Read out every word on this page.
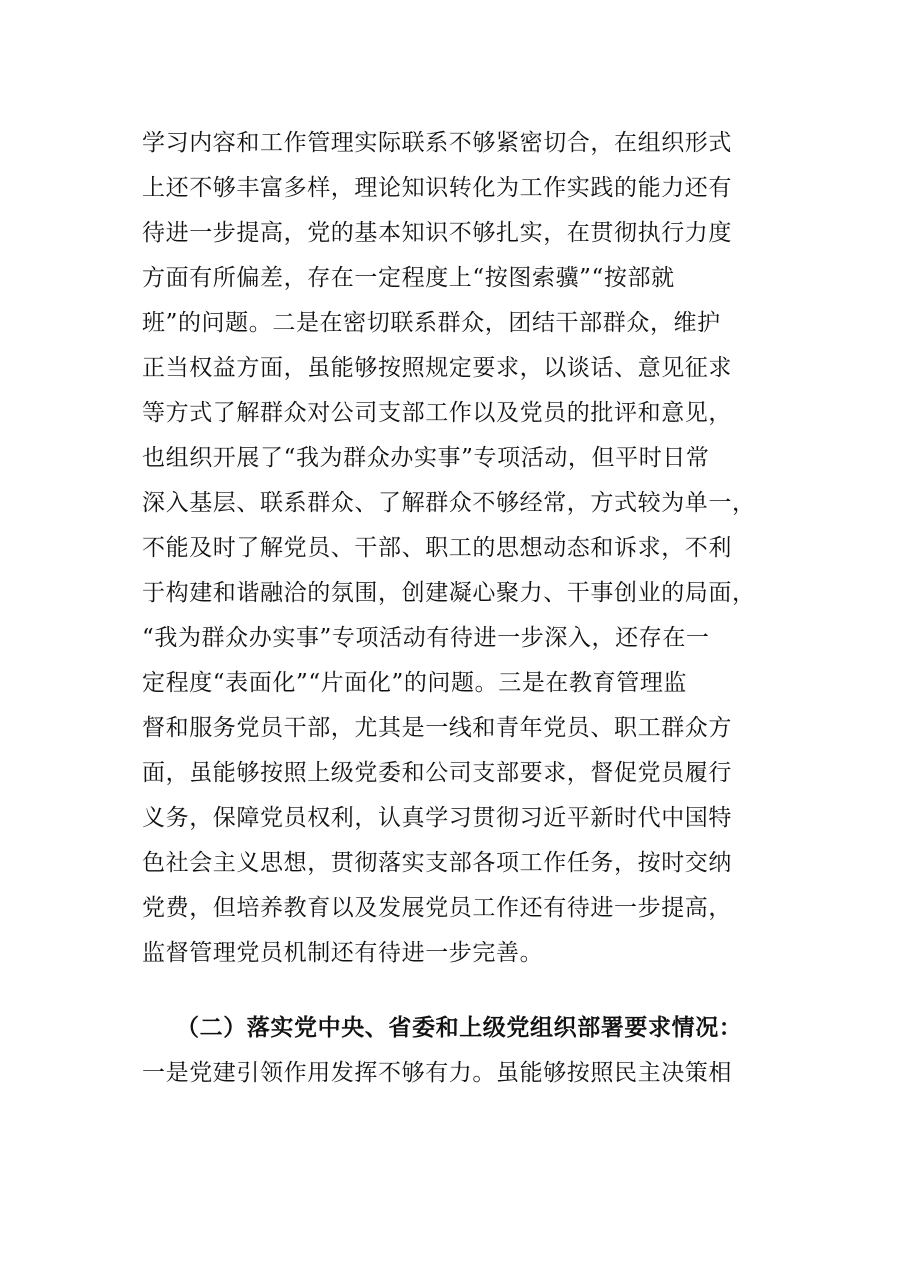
学习内容和工作管理实际联系不够紧密切合，在组织形式
上还不够丰富多样，理论知识转化为工作实践的能力还有
待进一步提高，党的基本知识不够扎实，在贯彻执行力度
方面有所偏差，存在一定程度上“按图索骥”“按部就
班”的问题。二是在密切联系群众，团结干部群众，维护
正当权益方面，虽能够按照规定要求，以谈话、意见征求
等方式了解群众对公司支部工作以及党员的批评和意见，
也组织开展了“我为群众办实事”专项活动，但平时日常
深入基层、联系群众、了解群众不够经常，方式较为单一，
不能及时了解党员、干部、职工的思想动态和诉求，不利
于构建和谐融洽的氛围，创建凝心聚力、干事创业的局面，
“我为群众办实事”专项活动有待进一步深入，还存在一
定程度“表面化”“片面化”的问题。三是在教育管理监
督和服务党员干部，尤其是一线和青年党员、职工群众方
面，虽能够按照上级党委和公司支部要求，督促党员履行
义务，保障党员权利，认真学习贯彻习近平新时代中国特
色社会主义思想，贯彻落实支部各项工作任务，按时交纳
党费，但培养教育以及发展党员工作还有待进一步提高，
监督管理党员机制还有待进一步完善。
（二）落实党中央、省委和上级党组织部署要求情况：
一是党建引领作用发挥不够有力。虽能够按照民主决策相
